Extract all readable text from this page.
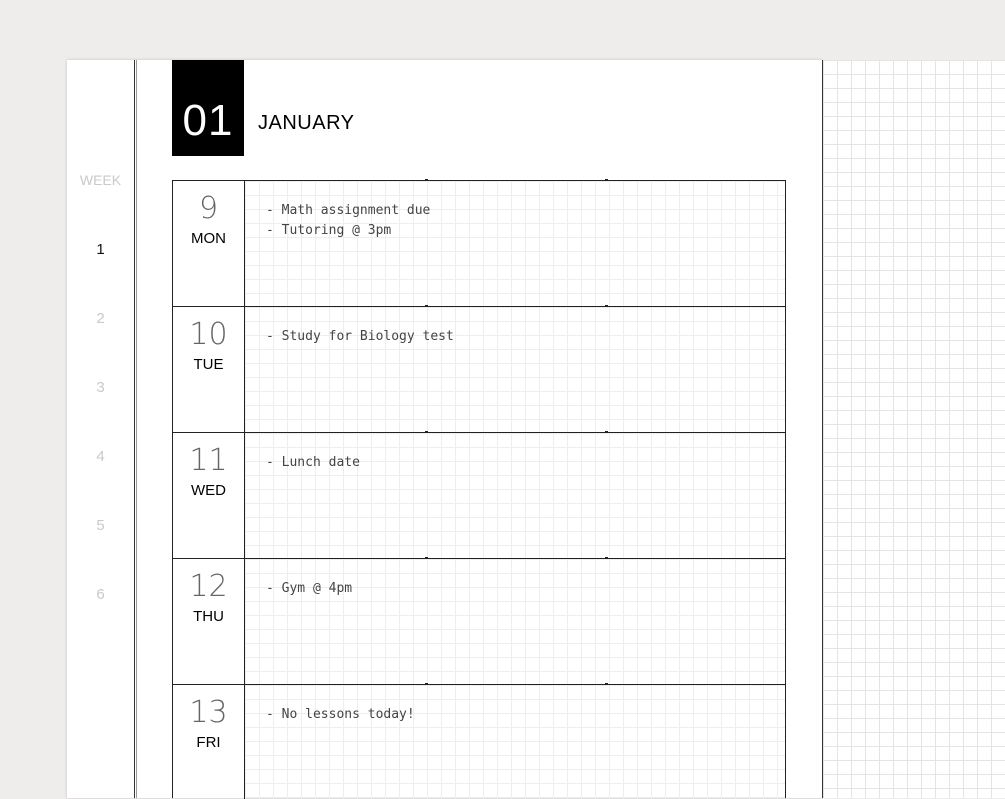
WEEK
1
2
3
4
5
6
01 JANUARY
9
MON
- Math assignment due
- Tutoring @ 3pm
10
TUE
- Study for Biology test
11
WED
- Lunch date
12
THU
- Gym @ 4pm
13
FRI
- No lessons today!
